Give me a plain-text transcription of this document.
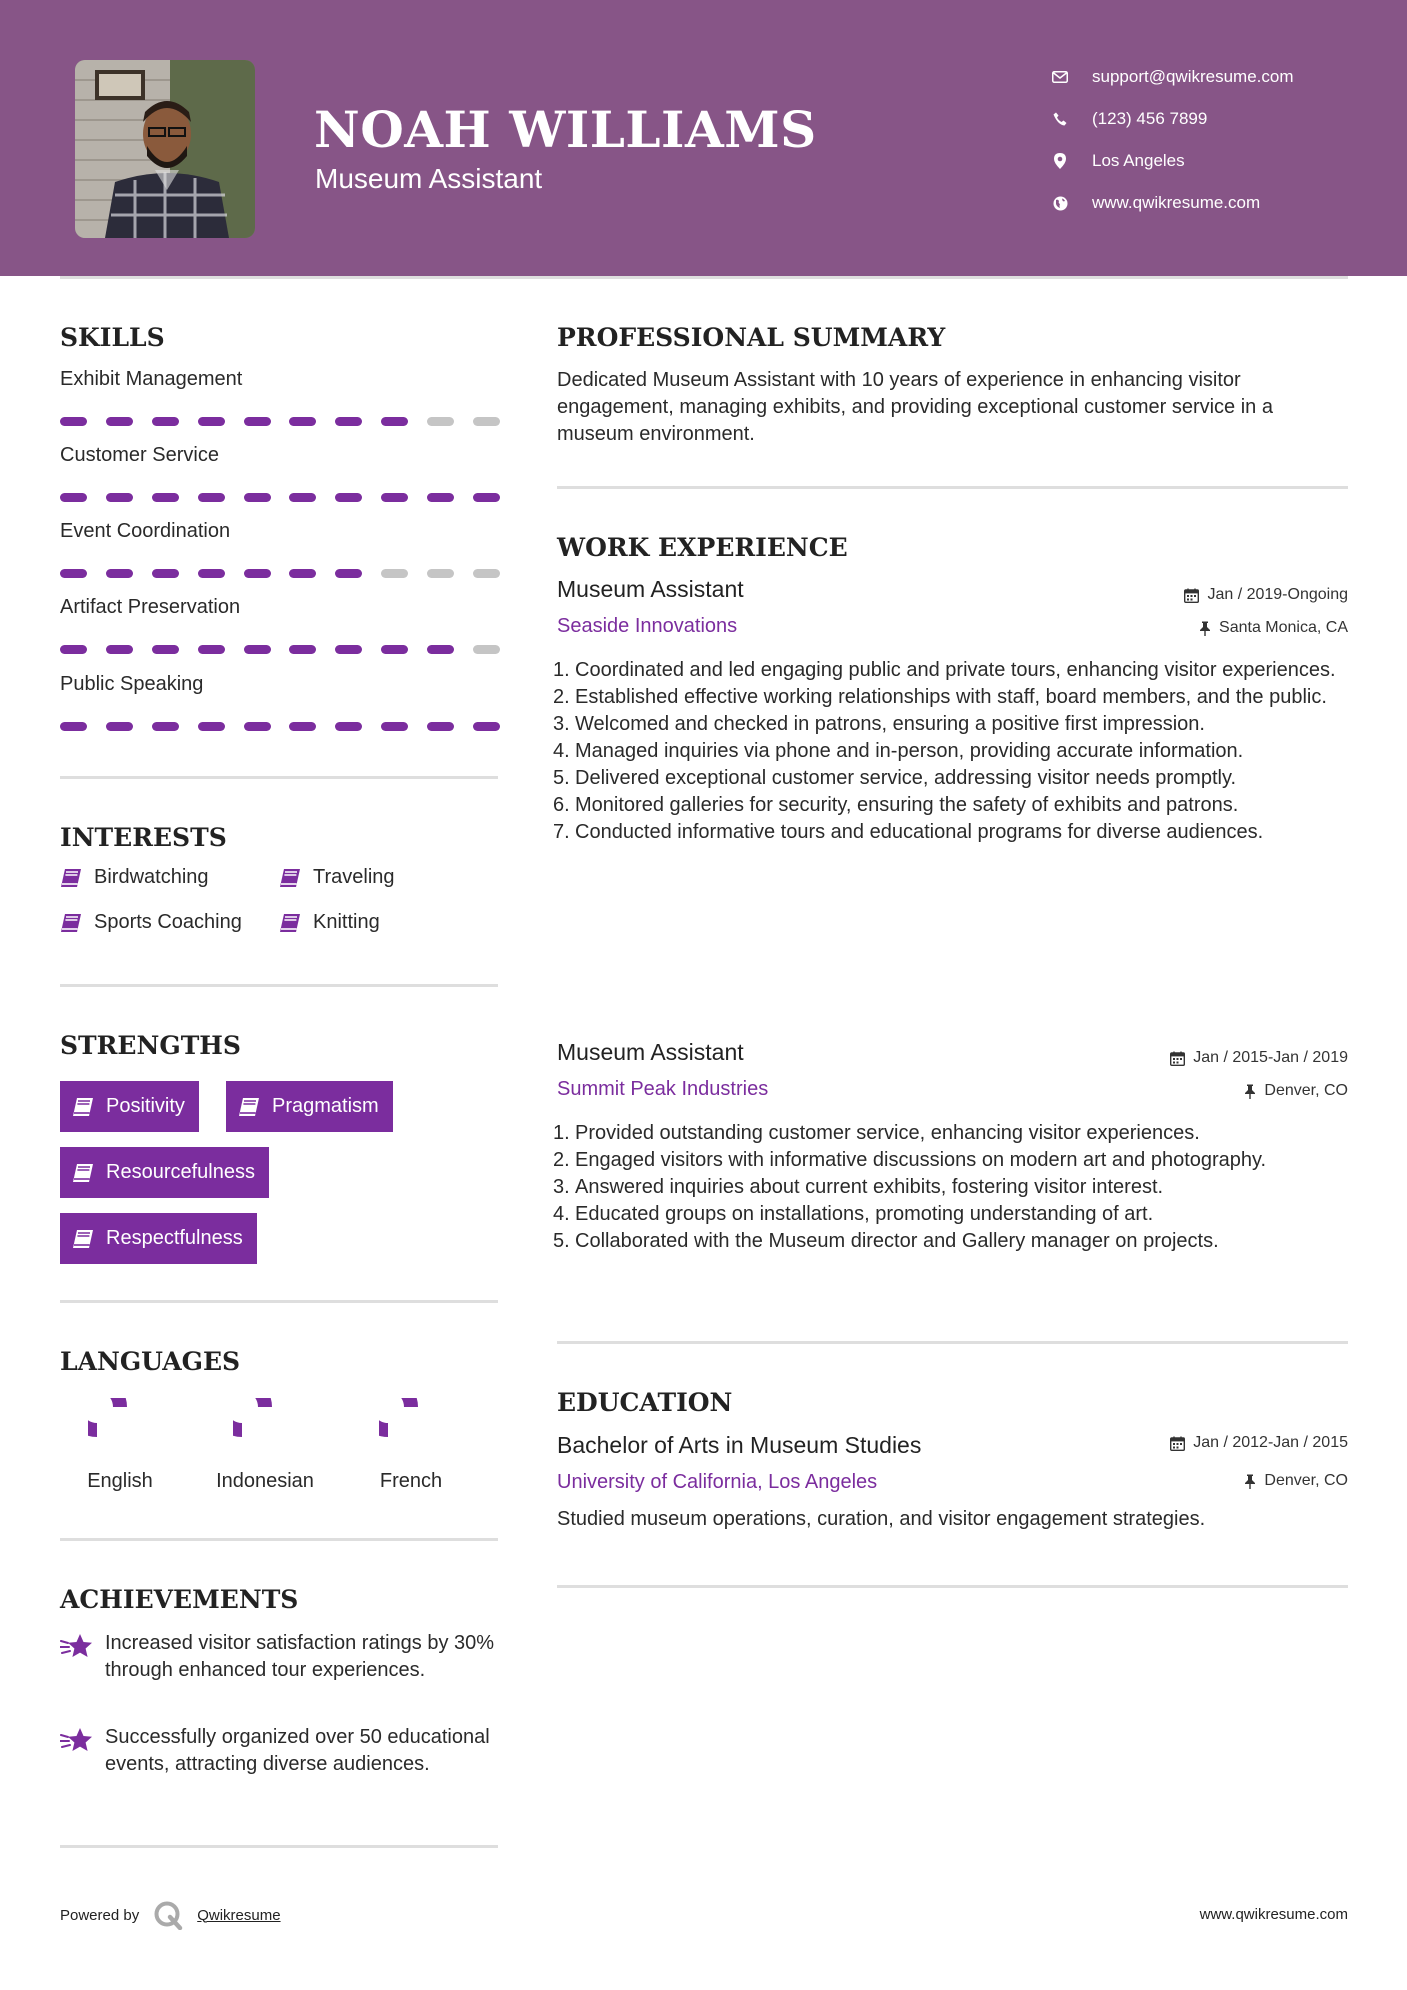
NOAH WILLIAMS
Museum Assistant
support@qwikresume.com
(123) 456 7899
Los Angeles
www.qwikresume.com
SKILLS
Exhibit Management
Customer Service
Event Coordination
Artifact Preservation
Public Speaking
INTERESTS
Birdwatching	Traveling
Sports Coaching	Knitting
STRENGTHS
Positivity	Pragmatism
Resourcefulness
Respectfulness
LANGUAGES
English	Indonesian	French
ACHIEVEMENTS
Increased visitor satisfaction ratings by 30% through enhanced tour experiences.
Successfully organized over 50 educational events, attracting diverse audiences.
PROFESSIONAL SUMMARY
Dedicated Museum Assistant with 10 years of experience in enhancing visitor engagement, managing exhibits, and providing exceptional customer service in a museum environment.
WORK EXPERIENCE
Museum Assistant	Jan / 2019-Ongoing
Seaside Innovations	Santa Monica, CA
1. Coordinated and led engaging public and private tours, enhancing visitor experiences.
2. Established effective working relationships with staff, board members, and the public.
3. Welcomed and checked in patrons, ensuring a positive first impression.
4. Managed inquiries via phone and in-person, providing accurate information.
5. Delivered exceptional customer service, addressing visitor needs promptly.
6. Monitored galleries for security, ensuring the safety of exhibits and patrons.
7. Conducted informative tours and educational programs for diverse audiences.
Museum Assistant	Jan / 2015-Jan / 2019
Summit Peak Industries	Denver, CO
1. Provided outstanding customer service, enhancing visitor experiences.
2. Engaged visitors with informative discussions on modern art and photography.
3. Answered inquiries about current exhibits, fostering visitor interest.
4. Educated groups on installations, promoting understanding of art.
5. Collaborated with the Museum director and Gallery manager on projects.
EDUCATION
Bachelor of Arts in Museum Studies	Jan / 2012-Jan / 2015
University of California, Los Angeles	Denver, CO
Studied museum operations, curation, and visitor engagement strategies.
Powered by	Qwikresume	www.qwikresume.com
